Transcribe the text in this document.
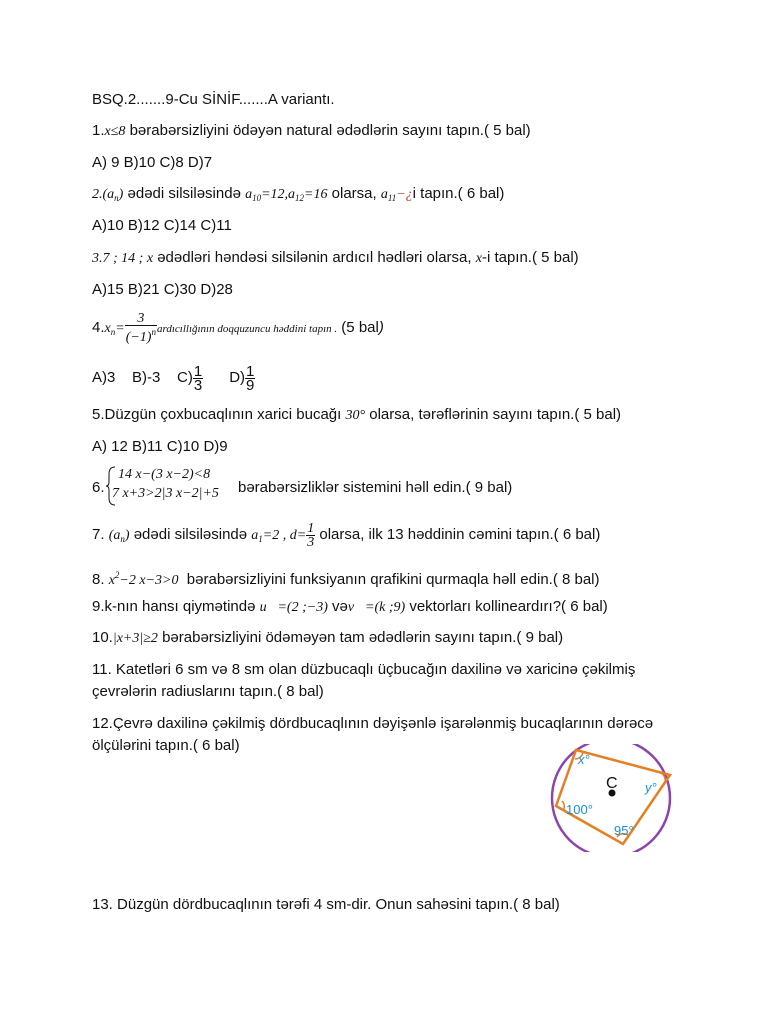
BSQ.2.......9-Cu SİNİF.......A variantı.
1.x≤8 bərabərsizliyini ödəyən natural ədədlərin sayını tapın.( 5 bal)
A) 9 B)10 C)8 D)7
$2.(a_n)$ ədədi silsiləsində $a_{10}=12,a_{12}=16$ olarsa, $a_{11}-¿i$ tapın.( 6 bal)
A)10 B)12 C)14 C)11
3.7 ; 14 ; x ədədləri həndəsi silsilənin ardıcıl hədləri olarsa, x-i tapın.( 5 bal)
A)15 B)21 C)30 D)28
$4.x_n= \frac{3}{(-1)^n}$ ardıcıllığının doqquzuncu həddini tapın . (5 bal)
A)3    B)-3    $C) \frac{1}{3} D) \frac{1}{9}$
5.Düzgün çoxbucaqlının xarici bucağı 30° olarsa, tərəflərinin sayını tapın.( 5 bal)
A) 12 B)11 C)10 D)9
6.
14 x−(3 x−2)<8
7 x+3>2|3 x−2|+5 bərabərsizliklər sistemini həll edin.( 9 bal)
7. $(a_n)$ ədədi silsiləsində $a_1=2$ , $d= \frac{1}{3}$ olarsa, ilk 13 həddinin cəmini tapın.( 6 bal)
8. $x^2-2$ x−3>0  bərabərsizliyini funksiyanın qrafikini qurmaqla həll edin.( 8 bal)
9.k-nın hansı qiymətində u⃗=(2 ;−3) vəv⃗=(k ;9) vektorları kollineardırı?( 6 bal)
10.|x+3|≥2 bərabərsizliyini ödəməyən tam ədədlərin sayını tapın.( 9 bal)
11. Katetləri 6 sm və 8 sm olan düzbucaqlı üçbucağın daxilinə və xaricinə çəkilmiş çevrələrin radiuslarını tapın.( 8 bal)
12.Çevrə daxilinə çəkilmiş dördbucaqlının dəyişənlə işarələnmiş bucaqlarının dərəcə ölçülərini tapın.( 6 bal)
C
x°
y°
100°
95°
13. Düzgün dördbucaqlının tərəfi 4 sm-dir. Onun sahəsini tapın.( 8 bal)
